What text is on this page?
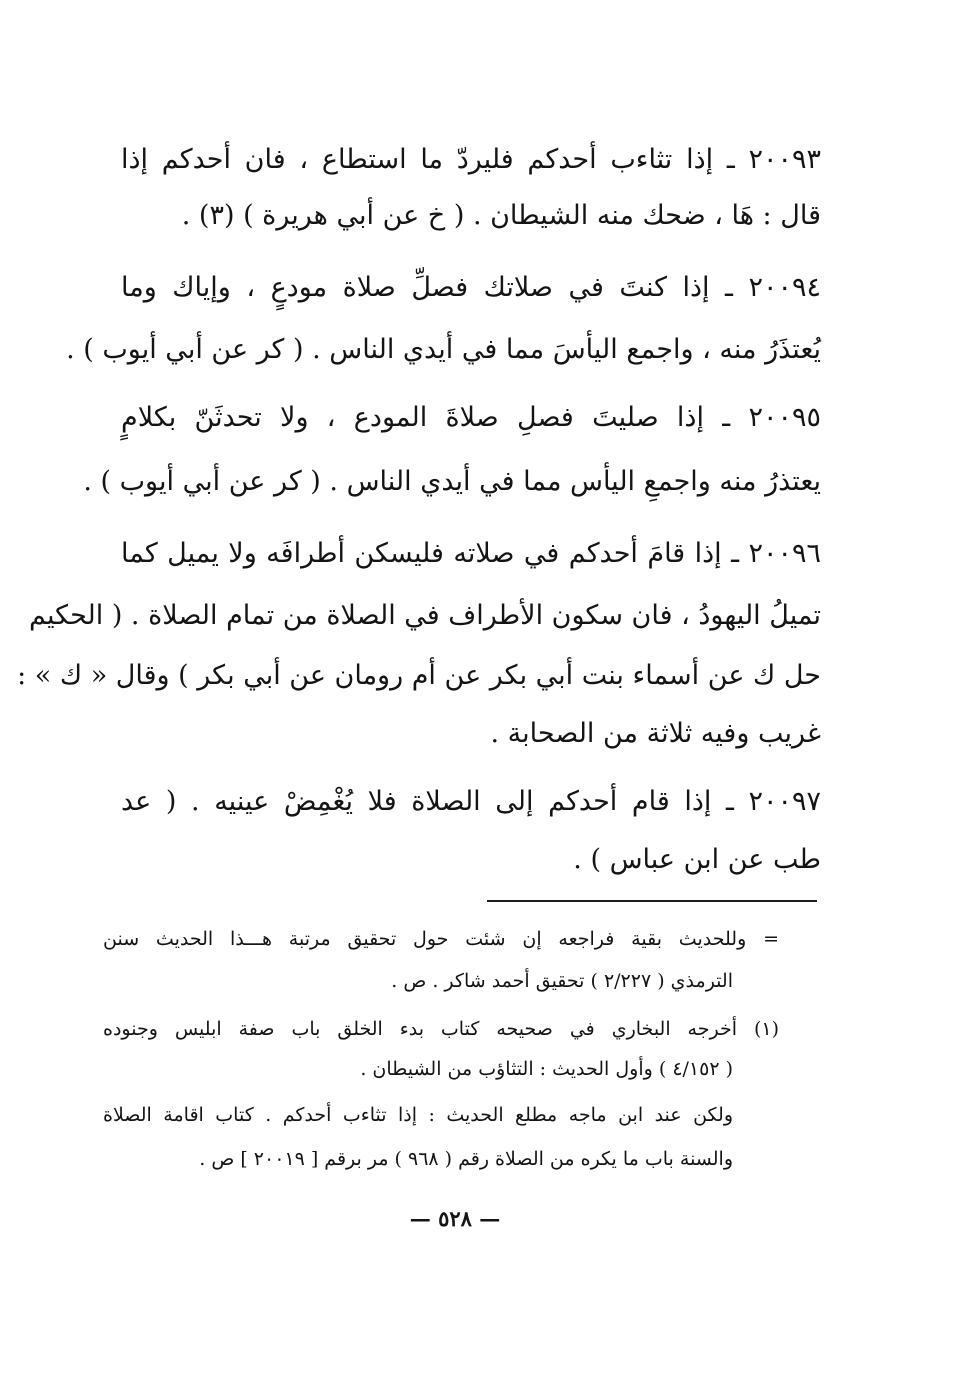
٢٠٠٩٣ ـ إذا تثاءب أحدكم فليردّ ما استطاع ، فان أحدكم إذا
قال : هَا ، ضحك منه الشيطان . ( خ عن أبي هريرة ) (٣) .
٢٠٠٩٤ ـ إذا كنتَ في صلاتك فصلِّ صلاة مودعٍ ، وإياك وما
يُعتذَرُ منه ، واجمع اليأسَ مما في أيدي الناس . ( كر عن أبي أيوب ) .
٢٠٠٩٥ ـ إذا صليتَ فصلِ صلاةَ المودع ، ولا تحدثَنّ بكلامٍ
يعتذرُ منه واجمعِ اليأس مما في أيدي الناس . ( كر عن أبي أيوب ) .
٢٠٠٩٦ ـ إذا قامَ أحدكم في صلاته فليسكن أطرافَه ولا يميل كما
تميلُ اليهودُ ، فان سكون الأطراف في الصلاة من تمام الصلاة . ( الحكيم
حل ك عن أسماء بنت أبي بكر عن أم رومان عن أبي بكر ) وقال « ك » :
غريب وفيه ثلاثة من الصحابة .
٢٠٠٩٧ ـ إذا قام أحدكم إلى الصلاة فلا يُغْمِضْ عينيه . ( عد
طب عن ابن عباس ) .
= وللحديث بقية فراجعه إن شئت حول تحقيق مرتبة هـــذا الحديث سنن
الترمذي ( ٢/٢٢٧ ) تحقيق أحمد شاكر . ص .
(١) أخرجه البخاري في صحيحه كتاب بدء الخلق باب صفة ابليس وجنوده
( ٤/١٥٢ ) وأول الحديث : التثاؤب من الشيطان .
ولكن عند ابن ماجه مطلع الحديث : إذا تثاءب أحدكم . كتاب اقامة الصلاة
والسنة باب ما يكره من الصلاة رقم ( ٩٦٨ ) مر برقم [ ٢٠٠١٩ ] ص .
— ٥٢٨ —
